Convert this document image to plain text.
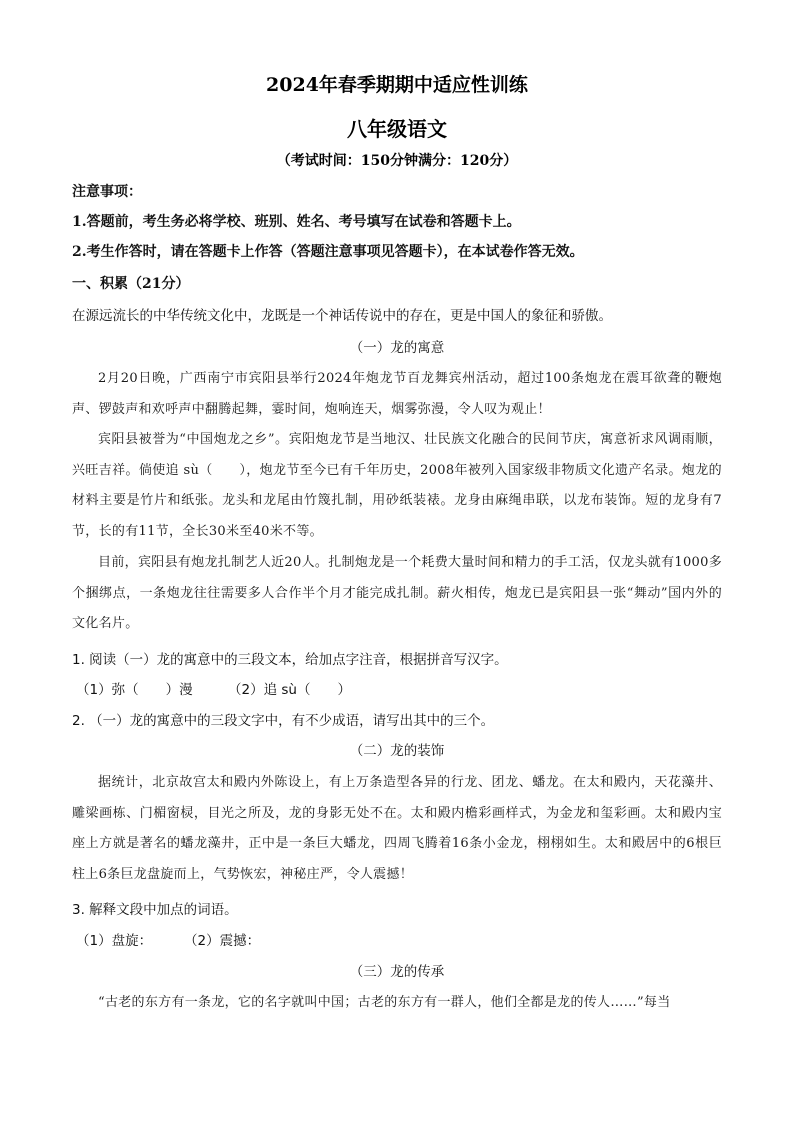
2024年春季期期中适应性训练
八年级语文
（考试时间：150分钟满分：120分）
注意事项：
1.答题前，考生务必将学校、班别、姓名、考号填写在试卷和答题卡上。
2.考生作答时，请在答题卡上作答（答题注意事项见答题卡），在本试卷作答无效。
一、积累（21分）
在源远流长的中华传统文化中，龙既是一个神话传说中的存在，更是中国人的象征和骄傲。
（一）龙的寓意
2月20日晚，广西南宁市宾阳县举行2024年炮龙节百龙舞宾州活动，超过100条炮龙在震耳欲聋的鞭炮声、锣鼓声和欢呼声中翻腾起舞，霎时间，炮响连天，烟雾弥漫，令人叹为观止！
宾阳县被誉为“中国炮龙之乡”。宾阳炮龙节是当地汉、壮民族文化融合的民间节庆，寓意祈求风调雨顺，兴旺吉祥。倘使追 sù（　　），炮龙节至今已有千年历史，2008年被列入国家级非物质文化遗产名录。炮龙的材料主要是竹片和纸张。龙头和龙尾由竹篾扎制，用砂纸装裱。龙身由麻绳串联，以龙布装饰。短的龙身有7节，长的有11节，全长30米至40米不等。
目前，宾阳县有炮龙扎制艺人近20人。扎制炮龙是一个耗费大量时间和精力的手工活，仅龙头就有1000多个捆绑点，一条炮龙往往需要多人合作半个月才能完成扎制。薪火相传，炮龙已是宾阳县一张“舞动”国内外的文化名片。
1. 阅读（一）龙的寓意中的三段文本，给加点字注音，根据拼音写汉字。
（1）弥（　　）漫	（2）追 sù（　　）
2. （一）龙的寓意中的三段文字中，有不少成语，请写出其中的三个。
（二）龙的装饰
据统计，北京故宫太和殿内外陈设上，有上万条造型各异的行龙、团龙、蟠龙。在太和殿内，天花藻井、雕梁画栋、门楣窗棂，目光之所及，龙的身影无处不在。太和殿内檐彩画样式，为金龙和玺彩画。太和殿内宝座上方就是著名的蟠龙藻井，正中是一条巨大蟠龙，四周飞腾着16条小金龙，栩栩如生。太和殿居中的6根巨柱上6条巨龙盘旋而上，气势恢宏，神秘庄严，令人震撼！
3. 解释文段中加点的词语。
（1）盘旋： （2）震撼：
（三）龙的传承
“古老的东方有一条龙，它的名字就叫中国；古老的东方有一群人，他们全都是龙的传人……”每当
